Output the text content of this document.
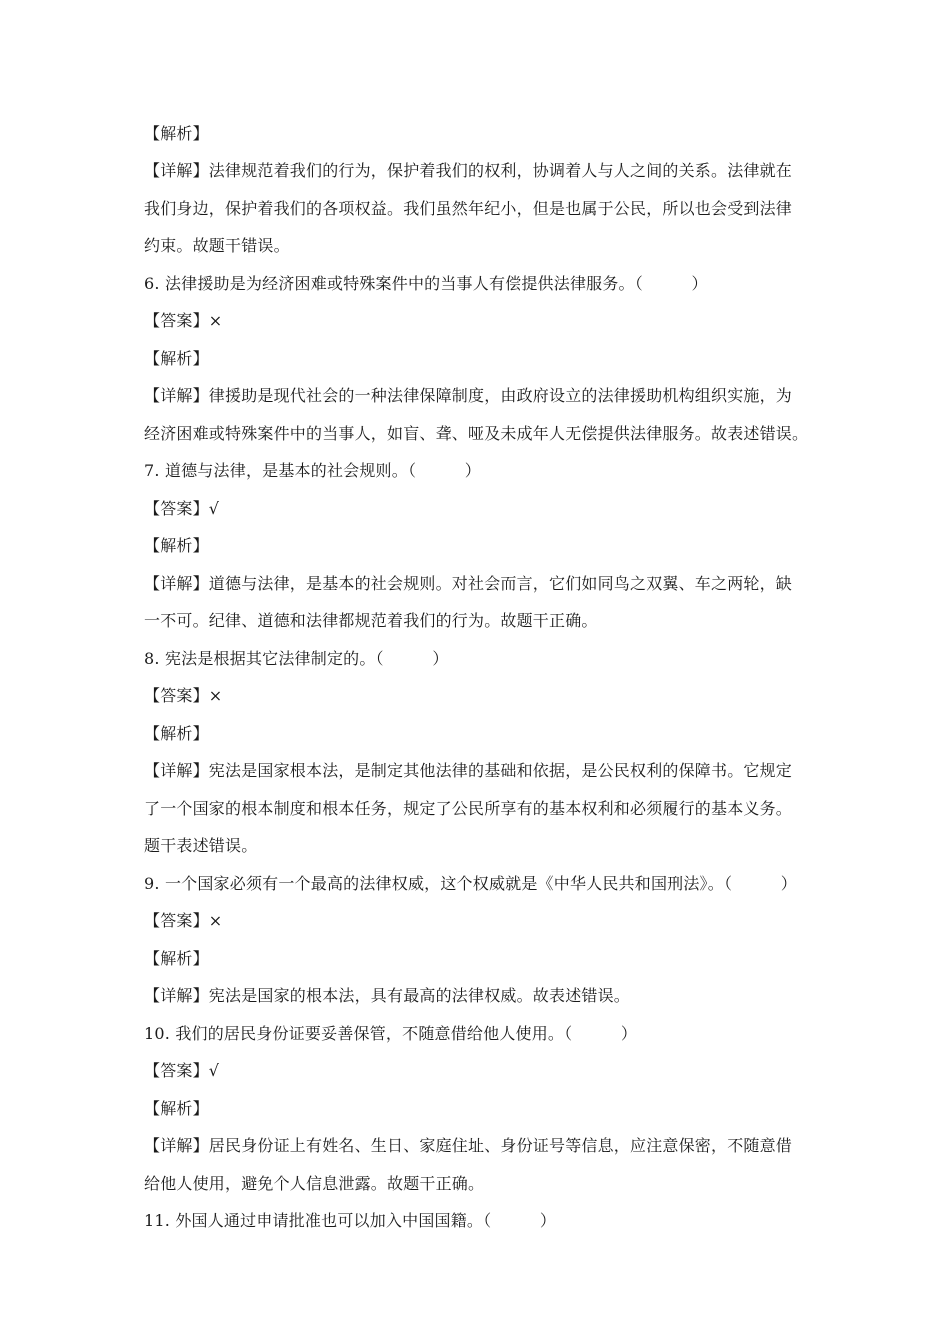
【解析】
【详解】法律规范着我们的行为，保护着我们的权利，协调着人与人之间的关系。法律就在
我们身边，保护着我们的各项权益。我们虽然年纪小，但是也属于公民，所以也会受到法律
约束。故题干错误。
6. 法律援助是为经济困难或特殊案件中的当事人有偿提供法律服务。（　　　）
【答案】×
【解析】
【详解】律援助是现代社会的一种法律保障制度，由政府设立的法律援助机构组织实施，为
经济困难或特殊案件中的当事人，如盲、聋、哑及未成年人无偿提供法律服务。故表述错误。
7. 道德与法律，是基本的社会规则。（　　　）
【答案】√
【解析】
【详解】道德与法律，是基本的社会规则。对社会而言，它们如同鸟之双翼、车之两轮，缺
一不可。纪律、道德和法律都规范着我们的行为。故题干正确。
8. 宪法是根据其它法律制定的。（　　　）
【答案】×
【解析】
【详解】宪法是国家根本法，是制定其他法律的基础和依据，是公民权利的保障书。它规定
了一个国家的根本制度和根本任务，规定了公民所享有的基本权利和必须履行的基本义务。
题干表述错误。
9. 一个国家必须有一个最高的法律权威，这个权威就是《中华人民共和国刑法》。（　　　）
【答案】×
【解析】
【详解】宪法是国家的根本法，具有最高的法律权威。故表述错误。
10. 我们的居民身份证要妥善保管，不随意借给他人使用。（　　　）
【答案】√
【解析】
【详解】居民身份证上有姓名、生日、家庭住址、身份证号等信息，应注意保密，不随意借
给他人使用，避免个人信息泄露。故题干正确。
11. 外国人通过申请批准也可以加入中国国籍。（　　　）
